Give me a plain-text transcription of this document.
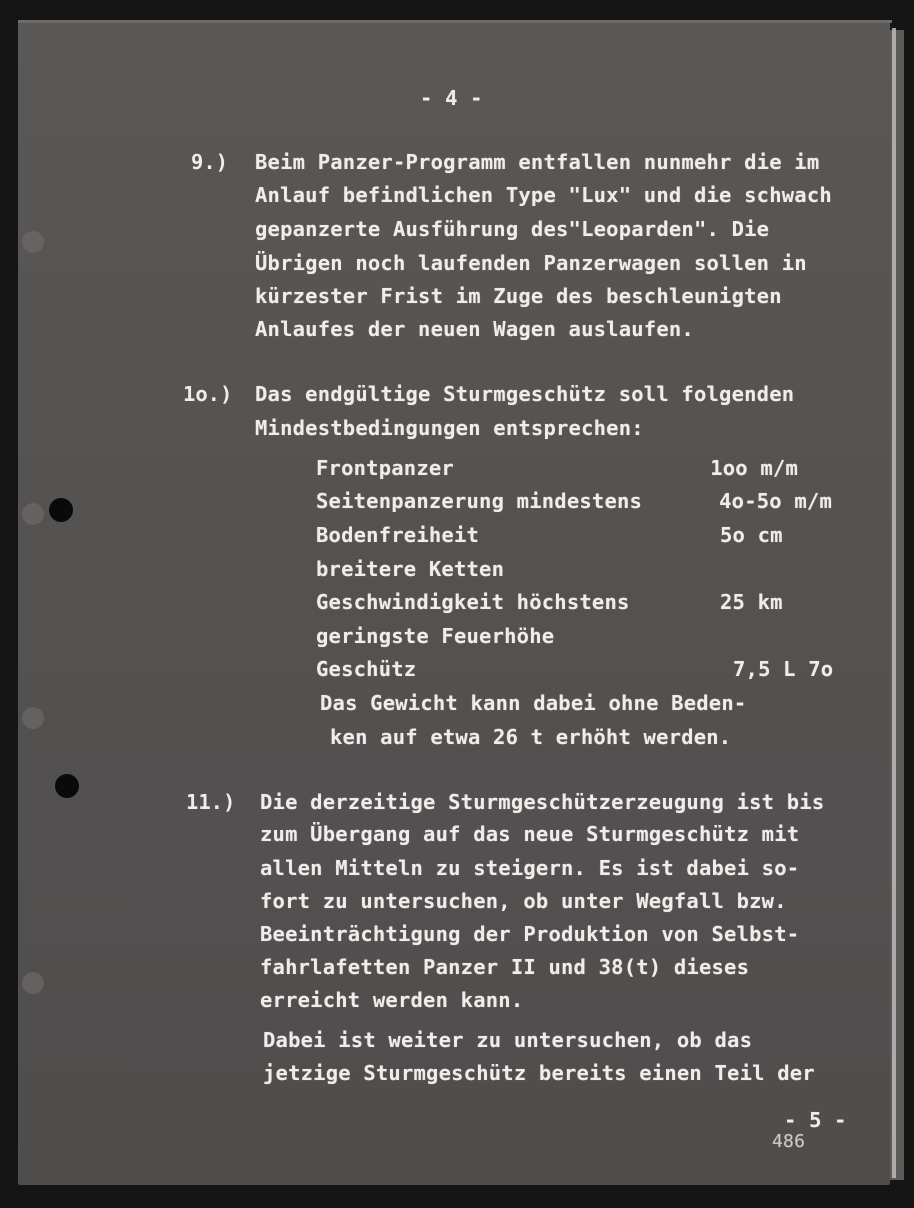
- 4 -
9.) Beim Panzer-Programm entfallen nunmehr die im
Anlauf befindlichen Type "Lux" und die schwach
gepanzerte Ausführung des"Leoparden". Die
Übrigen noch laufenden Panzerwagen sollen in
kürzester Frist im Zuge des beschleunigten
Anlaufes der neuen Wagen auslaufen.
1o.) Das endgültige Sturmgeschütz soll folgenden
Mindestbedingungen entsprechen:
Frontpanzer	1oo m/m
Seitenpanzerung mindestens	4o-5o m/m
Bodenfreiheit	5o cm
breitere Ketten
Geschwindigkeit höchstens	25 km
geringste Feuerhöhe
Geschütz	7,5 L 7o
Das Gewicht kann dabei ohne Beden-
ken auf etwa 26 t erhöht werden.
11.) Die derzeitige Sturmgeschützerzeugung ist bis
zum Übergang auf das neue Sturmgeschütz mit
allen Mitteln zu steigern. Es ist dabei so-
fort zu untersuchen, ob unter Wegfall bzw.
Beeinträchtigung der Produktion von Selbst-
fahrlafetten Panzer II und 38(t) dieses
erreicht werden kann.
Dabei ist weiter zu untersuchen, ob das
jetzige Sturmgeschütz bereits einen Teil der
- 5 -
486
